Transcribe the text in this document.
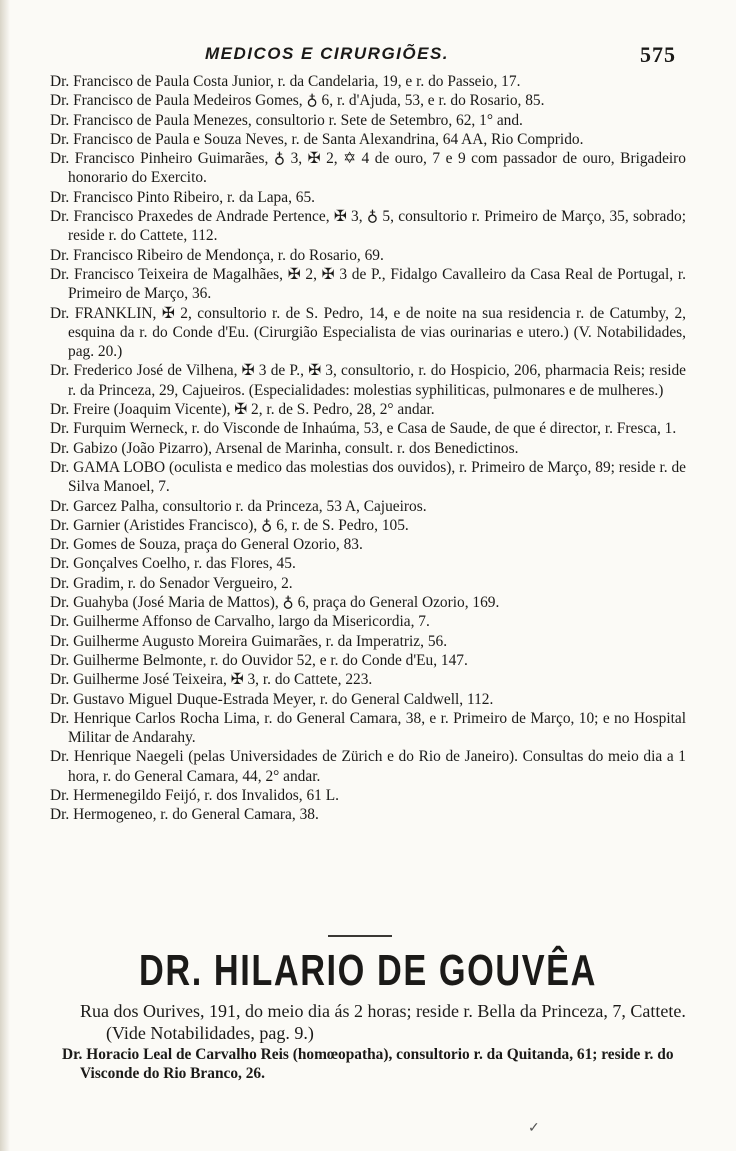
MEDICOS E CIRURGIÕES.	575

Dr. Francisco de Paula Costa Junior, r. da Candelaria, 19, e r. do Passeio, 17.

Dr. Francisco de Paula Medeiros Gomes, ♁ 6, r. d'Ajuda, 53, e r. do Rosario, 85.

Dr. Francisco de Paula Menezes, consultorio r. Sete de Setembro, 62, 1° and.

Dr. Francisco de Paula e Souza Neves, r. de Santa Alexandrina, 64 AA, Rio Comprido.

Dr. Francisco Pinheiro Guimarães, ♁ 3, ✠ 2, ✡ 4 de ouro, 7 e 9 com passador de ouro, Brigadeiro honorario do Exercito.

Dr. Francisco Pinto Ribeiro, r. da Lapa, 65.

Dr. Francisco Praxedes de Andrade Pertence, ✠ 3, ♁ 5, consultorio r. Primeiro de Março, 35, sobrado; reside r. do Cattete, 112.

Dr. Francisco Ribeiro de Mendonça, r. do Rosario, 69.

Dr. Francisco Teixeira de Magalhães, ✠ 2, ✠ 3 de P., Fidalgo Cavalleiro da Casa Real de Portugal, r. Primeiro de Março, 36.

Dr. FRANKLIN, ✠ 2, consultorio r. de S. Pedro, 14, e de noite na sua residencia r. de Catumby, 2, esquina da r. do Conde d'Eu. (Cirurgião Especialista de vias ourinarias e utero.) (V. Notabilidades, pag. 20.)

Dr. Frederico José de Vilhena, ✠ 3 de P., ✠ 3, consultorio, r. do Hospicio, 206, pharmacia Reis; reside r. da Princeza, 29, Cajueiros. (Especialidades: molestias syphiliticas, pulmonares e de mulheres.)

Dr. Freire (Joaquim Vicente), ✠ 2, r. de S. Pedro, 28, 2° andar.

Dr. Furquim Werneck, r. do Visconde de Inhaúma, 53, e Casa de Saude, de que é director, r. Fresca, 1.

Dr. Gabizo (João Pizarro), Arsenal de Marinha, consult. r. dos Benedictinos.

Dr. GAMA LOBO (oculista e medico das molestias dos ouvidos), r. Primeiro de Março, 89; reside r. de Silva Manoel, 7.

Dr. Garcez Palha, consultorio r. da Princeza, 53 A, Cajueiros.

Dr. Garnier (Aristides Francisco), ♁ 6, r. de S. Pedro, 105.

Dr. Gomes de Souza, praça do General Ozorio, 83.

Dr. Gonçalves Coelho, r. das Flores, 45.

Dr. Gradim, r. do Senador Vergueiro, 2.

Dr. Guahyba (José Maria de Mattos), ♁ 6, praça do General Ozorio, 169.

Dr. Guilherme Affonso de Carvalho, largo da Misericordia, 7.

Dr. Guilherme Augusto Moreira Guimarães, r. da Imperatriz, 56.

Dr. Guilherme Belmonte, r. do Ouvidor 52, e r. do Conde d'Eu, 147.

Dr. Guilherme José Teixeira, ✠ 3, r. do Cattete, 223.

Dr. Gustavo Miguel Duque-Estrada Meyer, r. do General Caldwell, 112.

Dr. Henrique Carlos Rocha Lima, r. do General Camara, 38, e r. Primeiro de Março, 10; e no Hospital Militar de Andarahy.

Dr. Henrique Naegeli (pelas Universidades de Zürich e do Rio de Janeiro). Consultas do meio dia a 1 hora, r. do General Camara, 44, 2° andar.

Dr. Hermenegildo Feijó, r. dos Invalidos, 61 L.

Dr. Hermogeneo, r. do General Camara, 38.

DR. HILARIO DE GOUVÊA
Rua dos Ourives, 191, do meio dia ás 2 horas; reside r. Bella da Princeza, 7, Cattete. (Vide Notabilidades, pag. 9.)
Dr. Horacio Leal de Carvalho Reis (homœopatha), consultorio r. da Quitanda, 61; reside r. do Visconde do Rio Branco, 26.
✓
